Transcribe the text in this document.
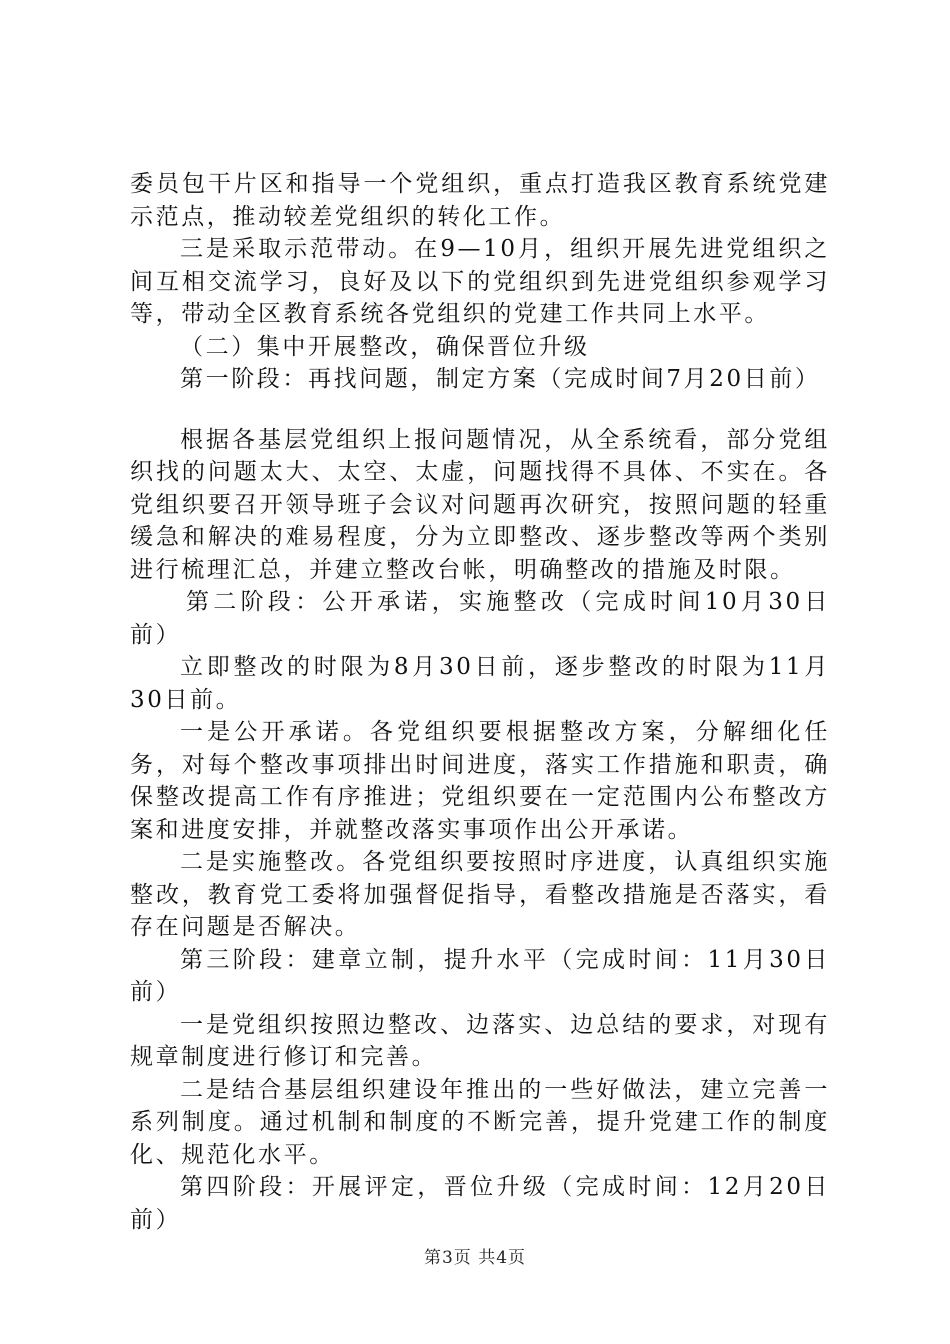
委员包干片区和指导一个党组织，重点打造我区教育系统党建示范点，推动较差党组织的转化工作。

三是采取示范带动。在9—10月，组织开展先进党组织之间互相交流学习，良好及以下的党组织到先进党组织参观学习等，带动全区教育系统各党组织的党建工作共同上水平。

（二）集中开展整改，确保晋位升级

第一阶段：再找问题，制定方案（完成时间7月20日前）

根据各基层党组织上报问题情况，从全系统看，部分党组织找的问题太大、太空、太虚，问题找得不具体、不实在。各党组织要召开领导班子会议对问题再次研究，按照问题的轻重缓急和解决的难易程度，分为立即整改、逐步整改等两个类别进行梳理汇总，并建立整改台帐，明确整改的措施及时限。

第二阶段：公开承诺，实施整改（完成时间10月30日前）

立即整改的时限为8月30日前，逐步整改的时限为11月30日前。

一是公开承诺。各党组织要根据整改方案，分解细化任务，对每个整改事项排出时间进度，落实工作措施和职责，确保整改提高工作有序推进；党组织要在一定范围内公布整改方案和进度安排，并就整改落实事项作出公开承诺。

二是实施整改。各党组织要按照时序进度，认真组织实施整改，教育党工委将加强督促指导，看整改措施是否落实，看存在问题是否解决。

第三阶段：建章立制，提升水平（完成时间：11月30日前）

一是党组织按照边整改、边落实、边总结的要求，对现有规章制度进行修订和完善。

二是结合基层组织建设年推出的一些好做法，建立完善一系列制度。通过机制和制度的不断完善，提升党建工作的制度化、规范化水平。

第四阶段：开展评定，晋位升级（完成时间：12月20日前）

第3页 共4页
